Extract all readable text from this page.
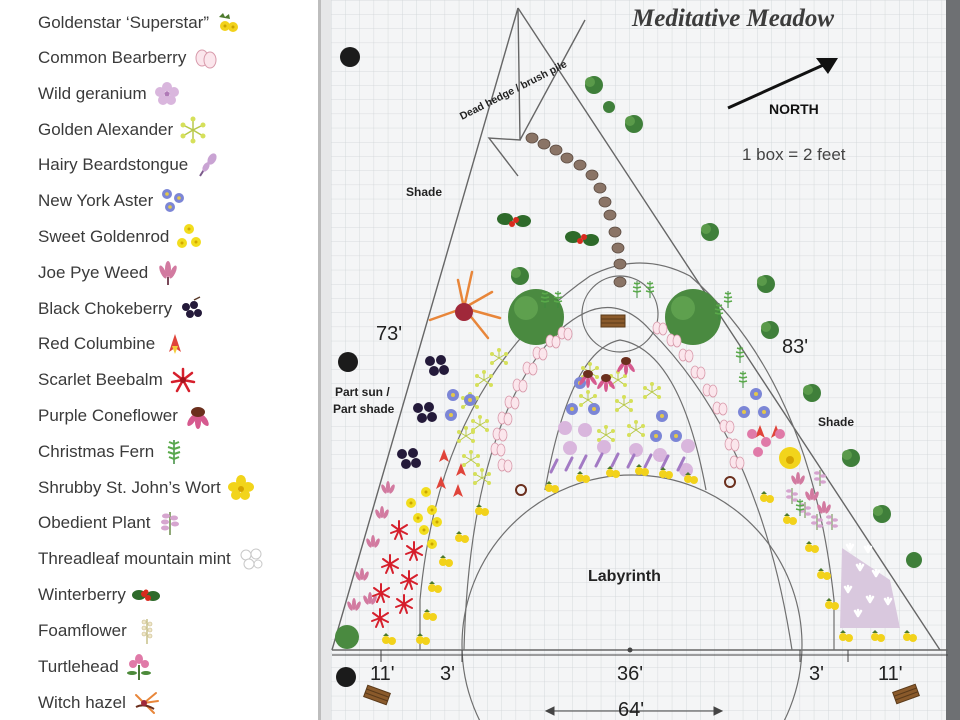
Goldenstar ‘Superstar”
Common Bearberry
Wild geranium
Golden Alexander
Hairy Beardstongue
New York Aster
Sweet Goldenrod
Joe Pye Weed
Black Chokeberry
Red Columbine
Scarlet Beebalm
Purple Coneflower
Christmas Fern
Shrubby St. John’s Wort
Obedient Plant
Threadleaf mountain mint
Winterberry
Foamflower
Turtlehead
Witch hazel
Meditative Meadow
Dead hedge / brush pile	NORTH
1 box = 2 feet
Shade
Shade
Part sun /
Part shade
Labyrinth
73'
83'
11' 3'	36'	3'	11'
64'
